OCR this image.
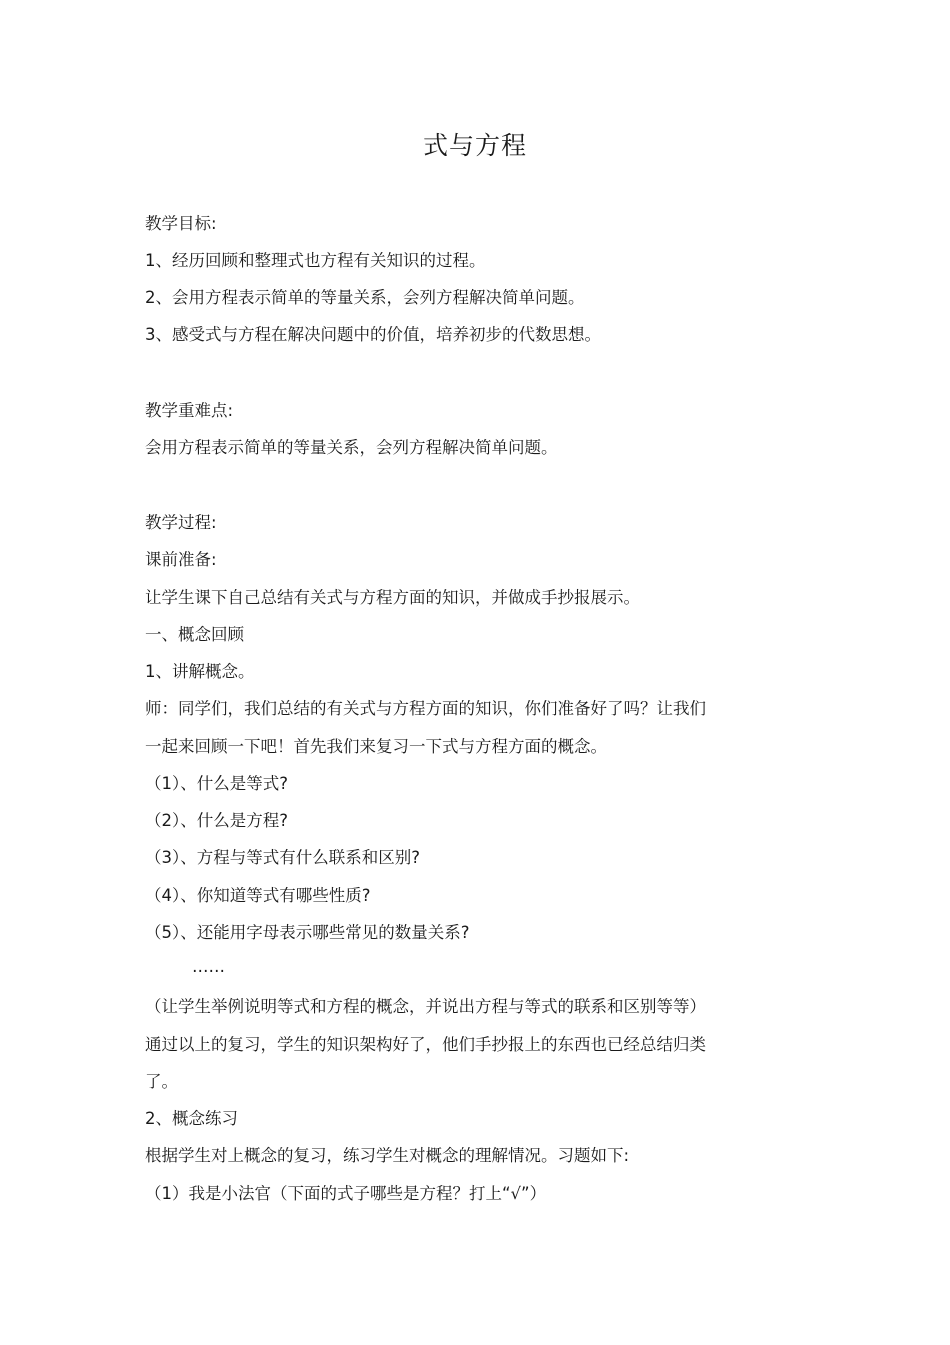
式与方程
教学目标:
1、经历回顾和整理式也方程有关知识的过程。
2、会用方程表示简单的等量关系，会列方程解决简单问题。
3、感受式与方程在解决问题中的价值，培养初步的代数思想。
教学重难点:
会用方程表示简单的等量关系，会列方程解决简单问题。
教学过程:
课前准备:
让学生课下自己总结有关式与方程方面的知识，并做成手抄报展示。
一、概念回顾
1、讲解概念。
师：同学们，我们总结的有关式与方程方面的知识，你们准备好了吗？让我们
一起来回顾一下吧！首先我们来复习一下式与方程方面的概念。
（1）、什么是等式?
（2）、什么是方程?
（3）、方程与等式有什么联系和区别?
（4）、你知道等式有哪些性质?
（5）、还能用字母表示哪些常见的数量关系?
……
（让学生举例说明等式和方程的概念，并说出方程与等式的联系和区别等等）
通过以上的复习，学生的知识架构好了，他们手抄报上的东西也已经总结归类
了。
2、概念练习
根据学生对上概念的复习，练习学生对概念的理解情况。习题如下:
（1）我是小法官（下面的式子哪些是方程？打上“√”）
